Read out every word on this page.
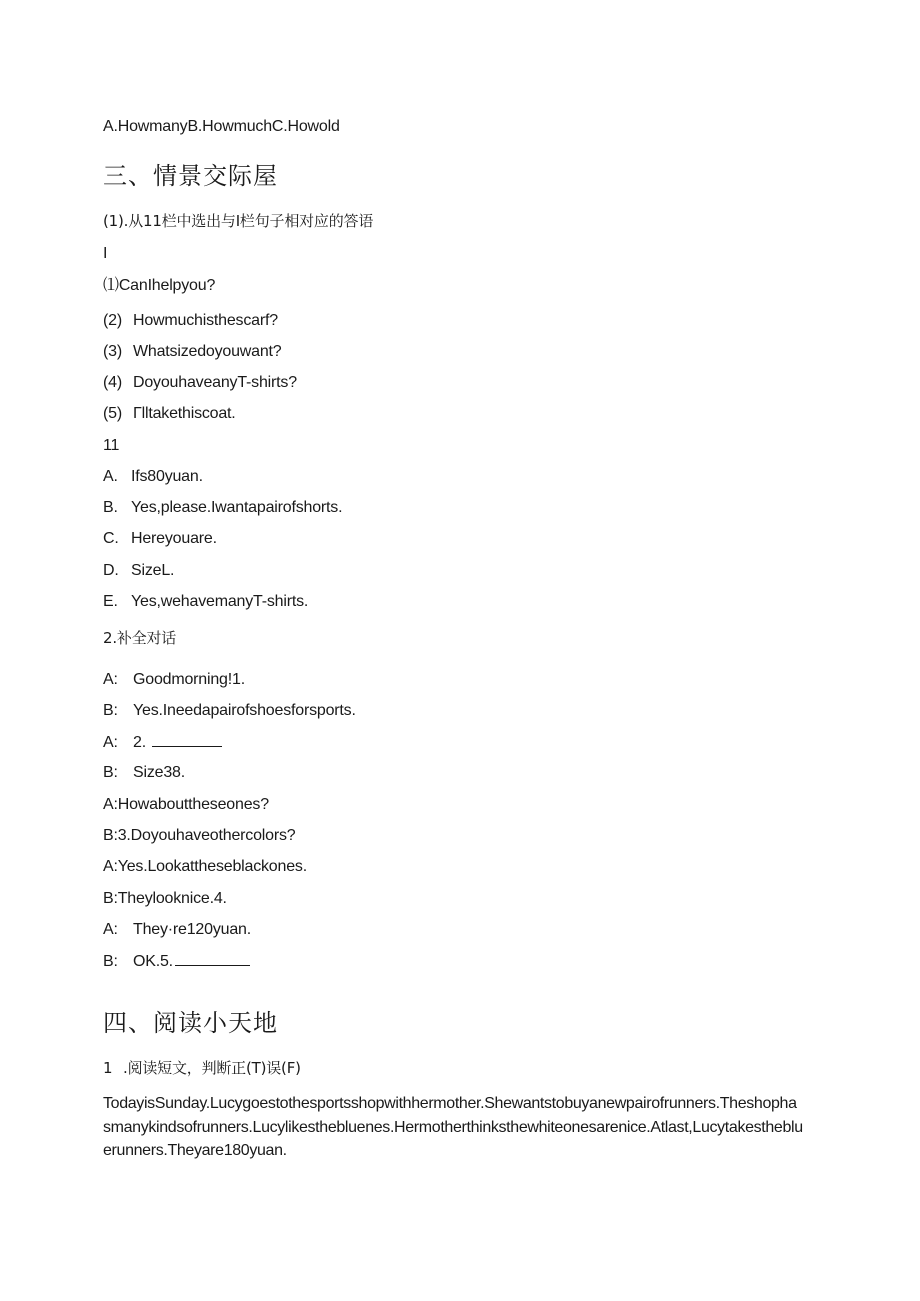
A.HowmanyB.HowmuchC.Howold
三、情景交际屋
(1).从11栏中选出与I栏句子相对应的答语
I
⑴CanIhelpyou?
(2) Howmuchisthescarf?
(3) Whatsizedoyouwant?
(4) DoyouhaveanyT-shirts?
(5) Γlltakethiscoat.
11
A. Ifs80yuan.
B. Yes,please.Iwantapairofshorts.
C. Hereyouare.
D. SizeL.
E. Yes,wehavemanyT-shirts.
2.补全对话
A: Goodmorning!1.
B: Yes.Ineedapairofshoesforsports.
A: 2.
B: Size38.
A:Howabouttheseones?
B:3.Doyouhaveothercolors?
A:Yes.Lookattheseblackones.
B:Theylooknice.4.
A: They·re120yuan.
B: OK.5.
四、阅读小天地
1 .阅读短文，判断正(T)误(F)
TodayisSunday.Lucygoestothesportsshopwithhermother.Shewantstobuyanewpairofrunners.Theshophasmanykindsofrunners.Lucylikesthebluenes.Hermotherthinksthewhiteonesarenice.Atlast,Lucytakesthebluerunners.Theyare180yuan.
